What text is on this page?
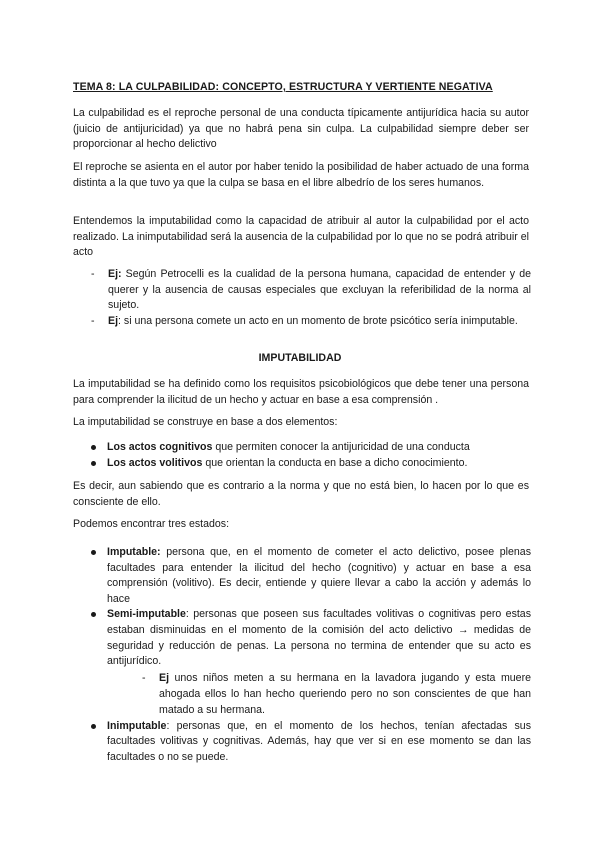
TEMA 8: LA CULPABILIDAD: CONCEPTO, ESTRUCTURA Y VERTIENTE NEGATIVA

La culpabilidad es el reproche personal de una conducta típicamente antijurídica hacia su autor (juicio de antijuricidad) ya que no habrá pena sin culpa. La culpabilidad siempre deber ser proporcionar al hecho delictivo

El reproche se asienta en el autor por haber tenido la posibilidad de haber actuado de una forma distinta a la que tuvo ya que la culpa se basa en el libre albedrío de los seres humanos.

Entendemos la imputabilidad como la capacidad de atribuir al autor la culpabilidad por el acto realizado. La inimputabilidad será la ausencia de la culpabilidad por lo que no se podrá atribuir el acto

- Ej: Según Petrocelli es la cualidad de la persona humana, capacidad de entender y de querer y la ausencia de causas especiales que excluyan la referibilidad de la norma al sujeto.
- Ej: si una persona comete un acto en un momento de brote psicótico sería inimputable.
IMPUTABILIDAD

La imputabilidad se ha definido como los requisitos psicobiológicos que debe tener una persona para comprender la ilicitud de un hecho y actuar en base a esa comprensión .

La imputabilidad se construye en base a dos elementos:

Los actos cognitivos que permiten conocer la antijuricidad de una conducta
Los actos volitivos que orientan la conducta en base a dicho conocimiento.

Es decir, aun sabiendo que es contrario a la norma y que no está bien, lo hacen por lo que es consciente de ello.

Podemos encontrar tres estados:

Imputable: persona que, en el momento de cometer el acto delictivo, posee plenas facultades para entender la ilicitud del hecho (cognitivo) y actuar en base a esa comprensión (volitivo). Es decir, entiende y quiere llevar a cabo la acción y además lo hace
Semi-imputable: personas que poseen sus facultades volitivas o cognitivas pero estas estaban disminuidas en el momento de la comisión del acto delictivo → medidas de seguridad y reducción de penas. La persona no termina de entender que su acto es antijurídico.
- Ej unos niños meten a su hermana en la lavadora jugando y esta muere ahogada ellos lo han hecho queriendo pero no son conscientes de que han matado a su hermana.
Inimputable: personas que, en el momento de los hechos, tenían afectadas sus facultades volitivas y cognitivas. Además, hay que ver si en ese momento se dan las facultades o no se puede.
